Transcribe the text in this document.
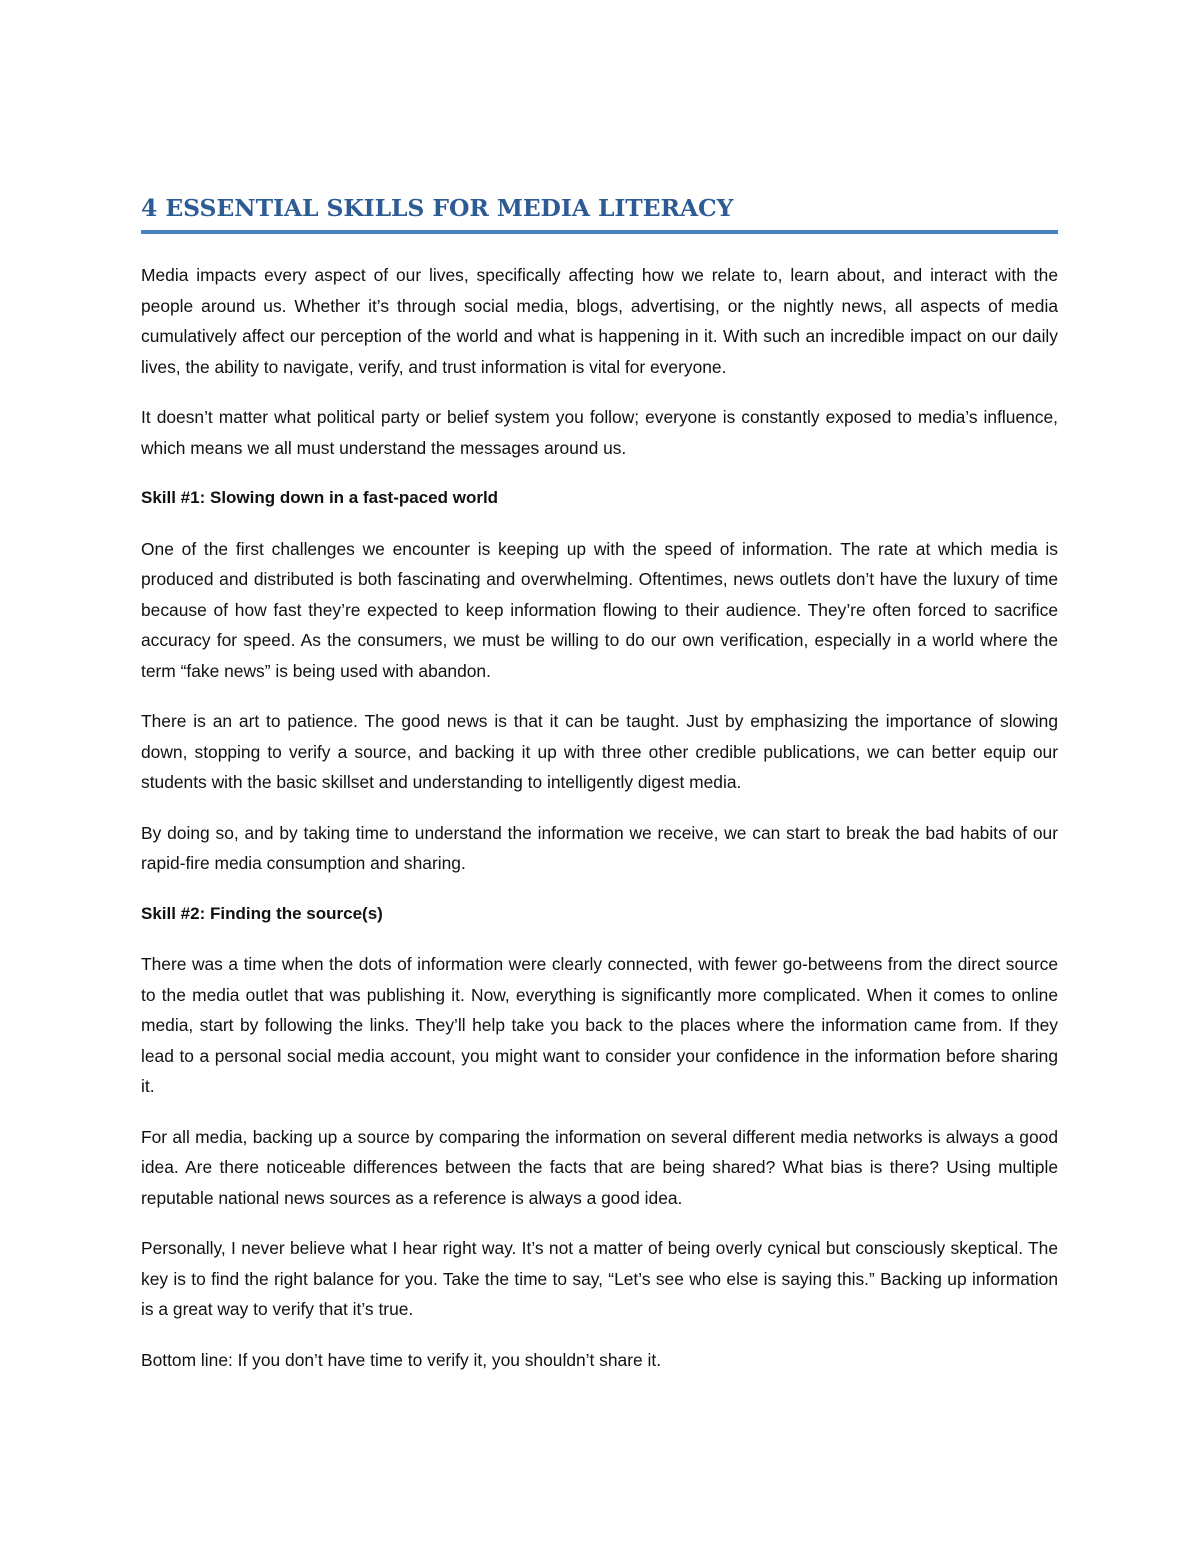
4 ESSENTIAL SKILLS FOR MEDIA LITERACY

Media impacts every aspect of our lives, specifically affecting how we relate to, learn about, and interact with the people around us. Whether it’s through social media, blogs, advertising, or the nightly news, all aspects of media cumulatively affect our perception of the world and what is happening in it. With such an incredible impact on our daily lives, the ability to navigate, verify, and trust information is vital for everyone.

It doesn’t matter what political party or belief system you follow; everyone is constantly exposed to media’s influence, which means we all must understand the messages around us.

Skill #1: Slowing down in a fast-paced world

One of the first challenges we encounter is keeping up with the speed of information. The rate at which media is produced and distributed is both fascinating and overwhelming. Oftentimes, news outlets don’t have the luxury of time because of how fast they’re expected to keep information flowing to their audience. They’re often forced to sacrifice accuracy for speed. As the consumers, we must be willing to do our own verification, especially in a world where the term “fake news” is being used with abandon.

There is an art to patience. The good news is that it can be taught. Just by emphasizing the importance of slowing down, stopping to verify a source, and backing it up with three other credible publications, we can better equip our students with the basic skillset and understanding to intelligently digest media.

By doing so, and by taking time to understand the information we receive, we can start to break the bad habits of our rapid-fire media consumption and sharing.

Skill #2: Finding the source(s)

There was a time when the dots of information were clearly connected, with fewer go-betweens from the direct source to the media outlet that was publishing it. Now, everything is significantly more complicated. When it comes to online media, start by following the links. They’ll help take you back to the places where the information came from. If they lead to a personal social media account, you might want to consider your confidence in the information before sharing it.

For all media, backing up a source by comparing the information on several different media networks is always a good idea. Are there noticeable differences between the facts that are being shared? What bias is there? Using multiple reputable national news sources as a reference is always a good idea.

Personally, I never believe what I hear right way. It’s not a matter of being overly cynical but consciously skeptical. The key is to find the right balance for you. Take the time to say, “Let’s see who else is saying this.” Backing up information is a great way to verify that it’s true.

Bottom line: If you don’t have time to verify it, you shouldn’t share it.
